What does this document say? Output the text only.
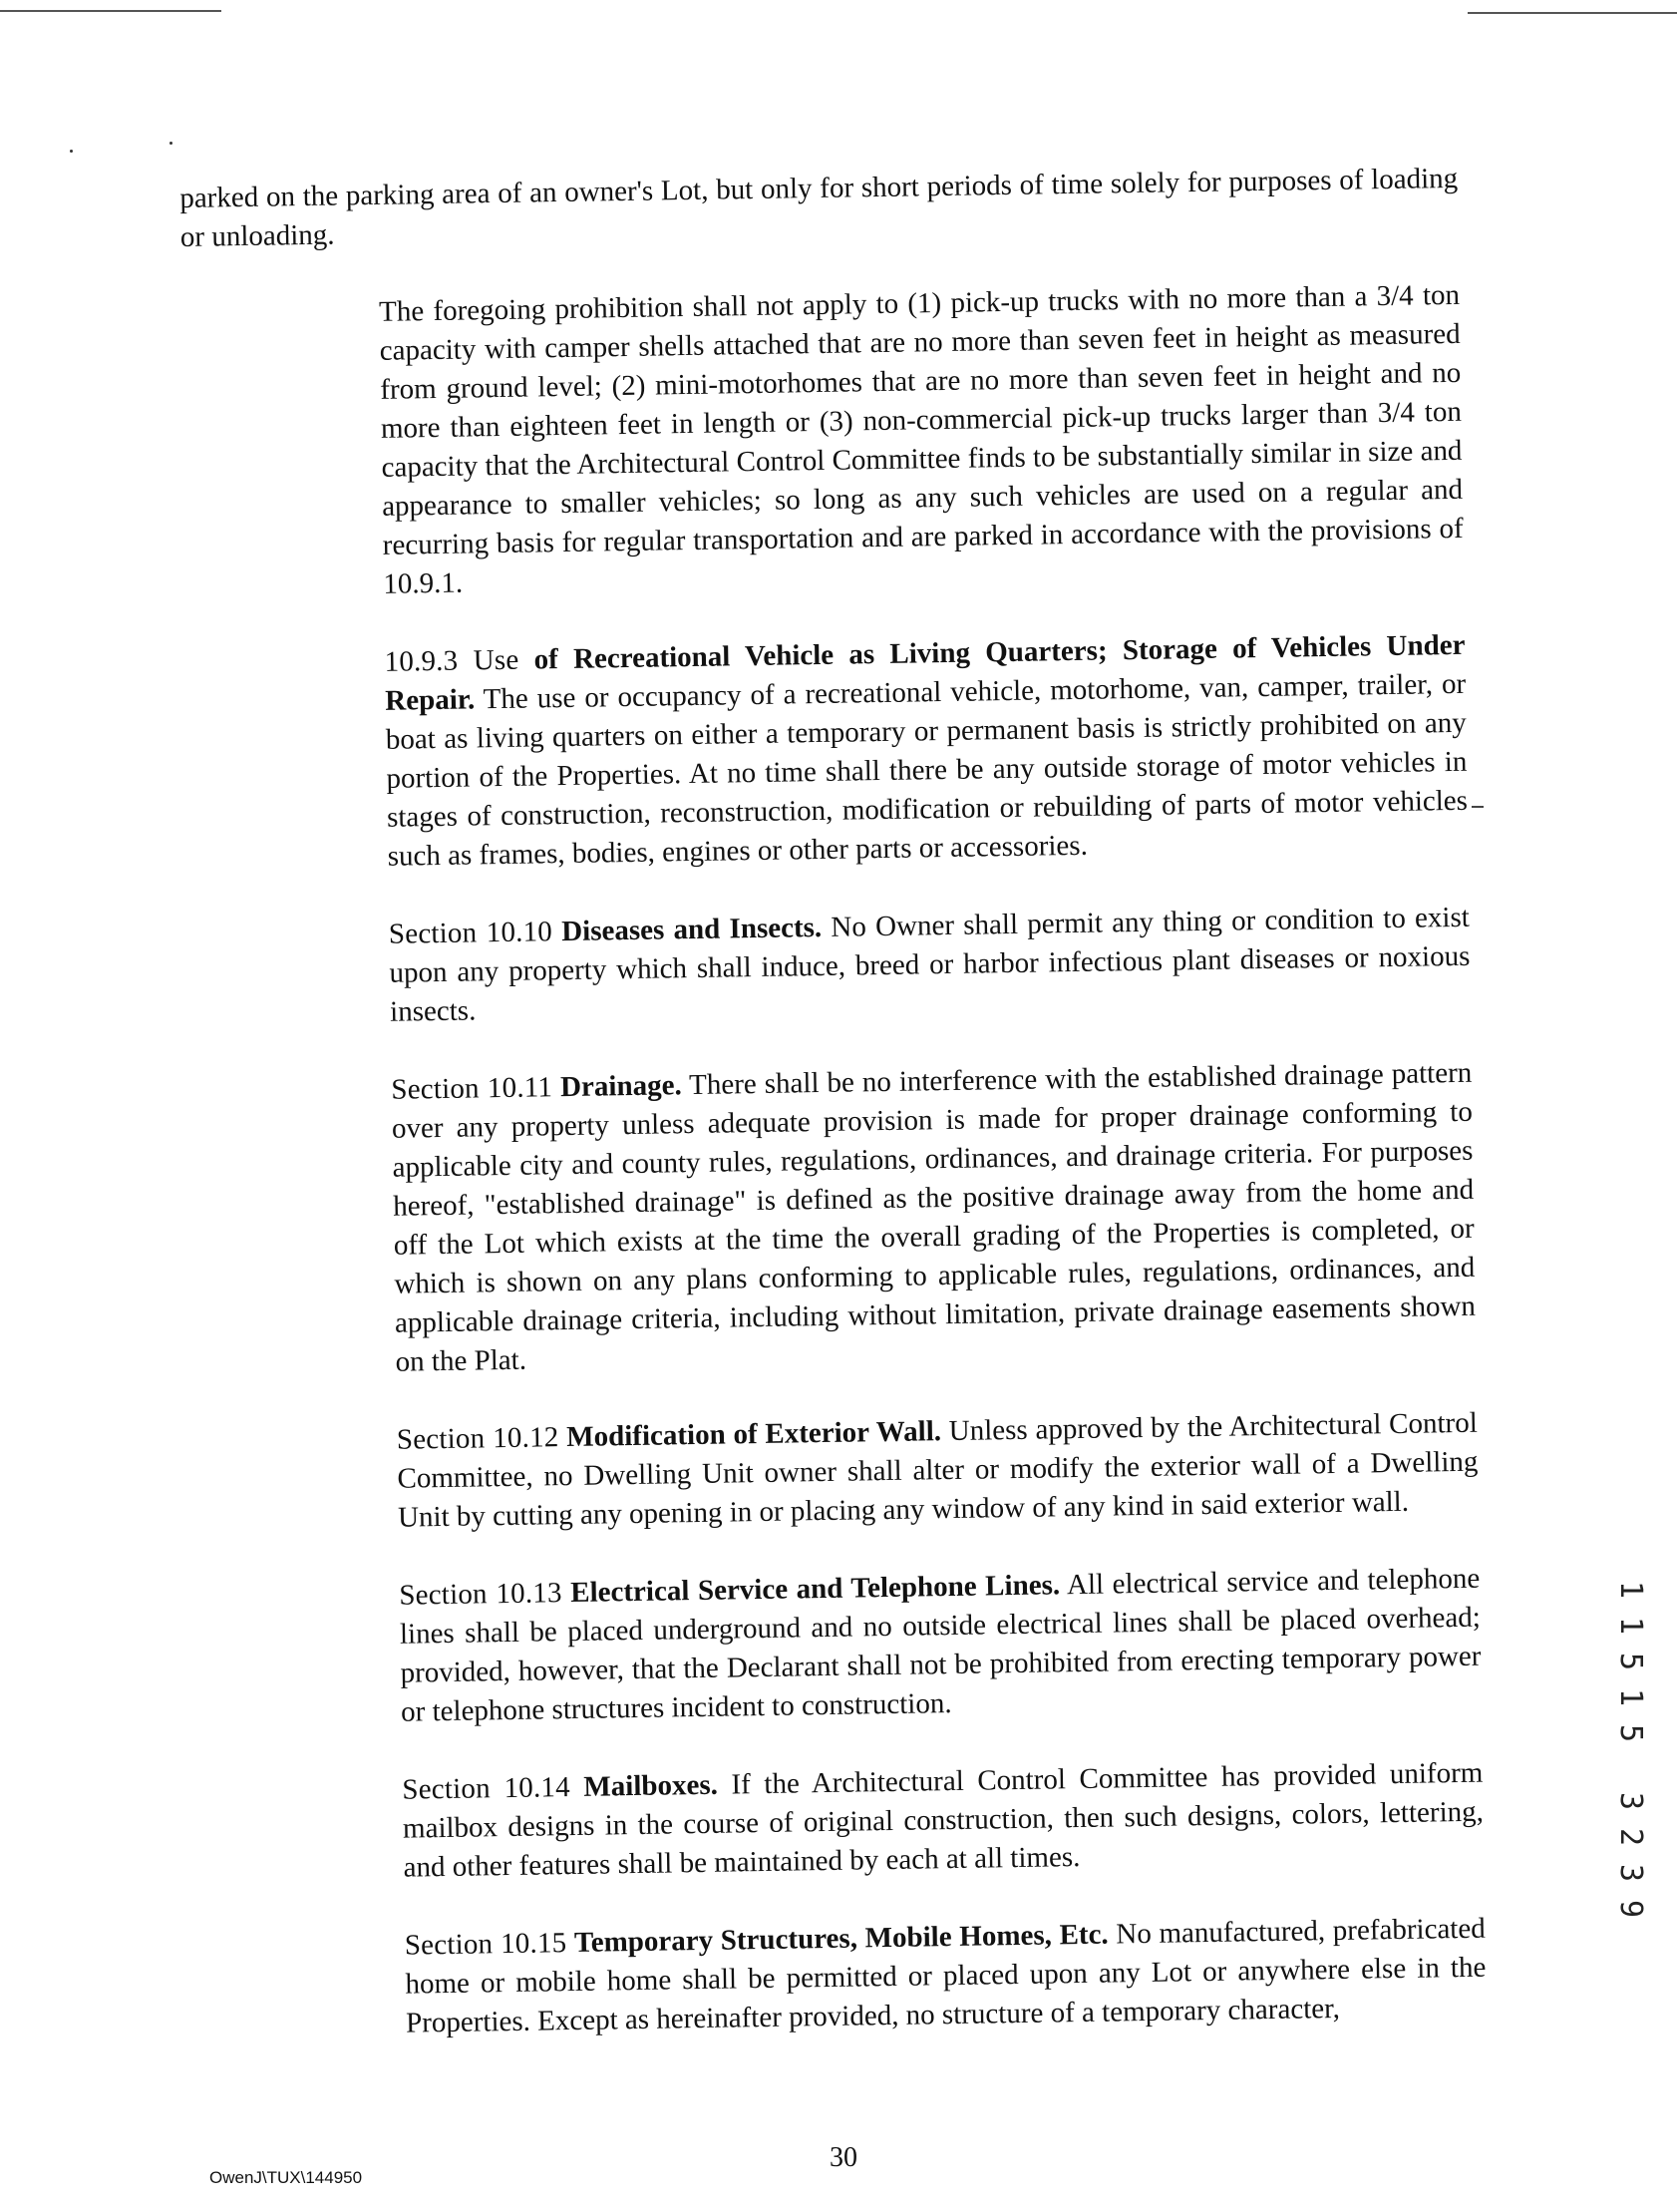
parked on the parking area of an owner's Lot, but only for short periods of time solely for purposes of loading or unloading.

The foregoing prohibition shall not apply to (1) pick-up trucks with no more than a 3/4 ton capacity with camper shells attached that are no more than seven feet in height as measured from ground level; (2) mini-motorhomes that are no more than seven feet in height and no more than eighteen feet in length or (3) non-commercial pick-up trucks larger than 3/4 ton capacity that the Architectural Control Committee finds to be substantially similar in size and appearance to smaller vehicles; so long as any such vehicles are used on a regular and recurring basis for regular transportation and are parked in accordance with the provisions of 10.9.1.

10.9.3 Use of Recreational Vehicle as Living Quarters; Storage of Vehicles Under Repair. The use or occupancy of a recreational vehicle, motorhome, van, camper, trailer, or boat as living quarters on either a temporary or permanent basis is strictly prohibited on any portion of the Properties. At no time shall there be any outside storage of motor vehicles in stages of construction, reconstruction, modification or rebuilding of parts of motor vehicles such as frames, bodies, engines or other parts or accessories.

Section 10.10 Diseases and Insects. No Owner shall permit any thing or condition to exist upon any property which shall induce, breed or harbor infectious plant diseases or noxious insects.

Section 10.11 Drainage. There shall be no interference with the established drainage pattern over any property unless adequate provision is made for proper drainage conforming to applicable city and county rules, regulations, ordinances, and drainage criteria. For purposes hereof, "established drainage" is defined as the positive drainage away from the home and off the Lot which exists at the time the overall grading of the Properties is completed, or which is shown on any plans conforming to applicable rules, regulations, ordinances, and applicable drainage criteria, including without limitation, private drainage easements shown on the Plat.

Section 10.12 Modification of Exterior Wall. Unless approved by the Architectural Control Committee, no Dwelling Unit owner shall alter or modify the exterior wall of a Dwelling Unit by cutting any opening in or placing any window of any kind in said exterior wall.

Section 10.13 Electrical Service and Telephone Lines. All electrical service and telephone lines shall be placed underground and no outside electrical lines shall be placed overhead; provided, however, that the Declarant shall not be prohibited from erecting temporary power or telephone structures incident to construction.

Section 10.14 Mailboxes. If the Architectural Control Committee has provided uniform mailbox designs in the course of original construction, then such designs, colors, lettering, and other features shall be maintained by each at all times.

Section 10.15 Temporary Structures, Mobile Homes, Etc. No manufactured, prefabricated home or mobile home shall be permitted or placed upon any Lot or anywhere else in the Properties. Except as hereinafter provided, no structure of a temporary character,

1
1
5
1
5
3
2
3
9
OwenJ\TUX\144950
30
